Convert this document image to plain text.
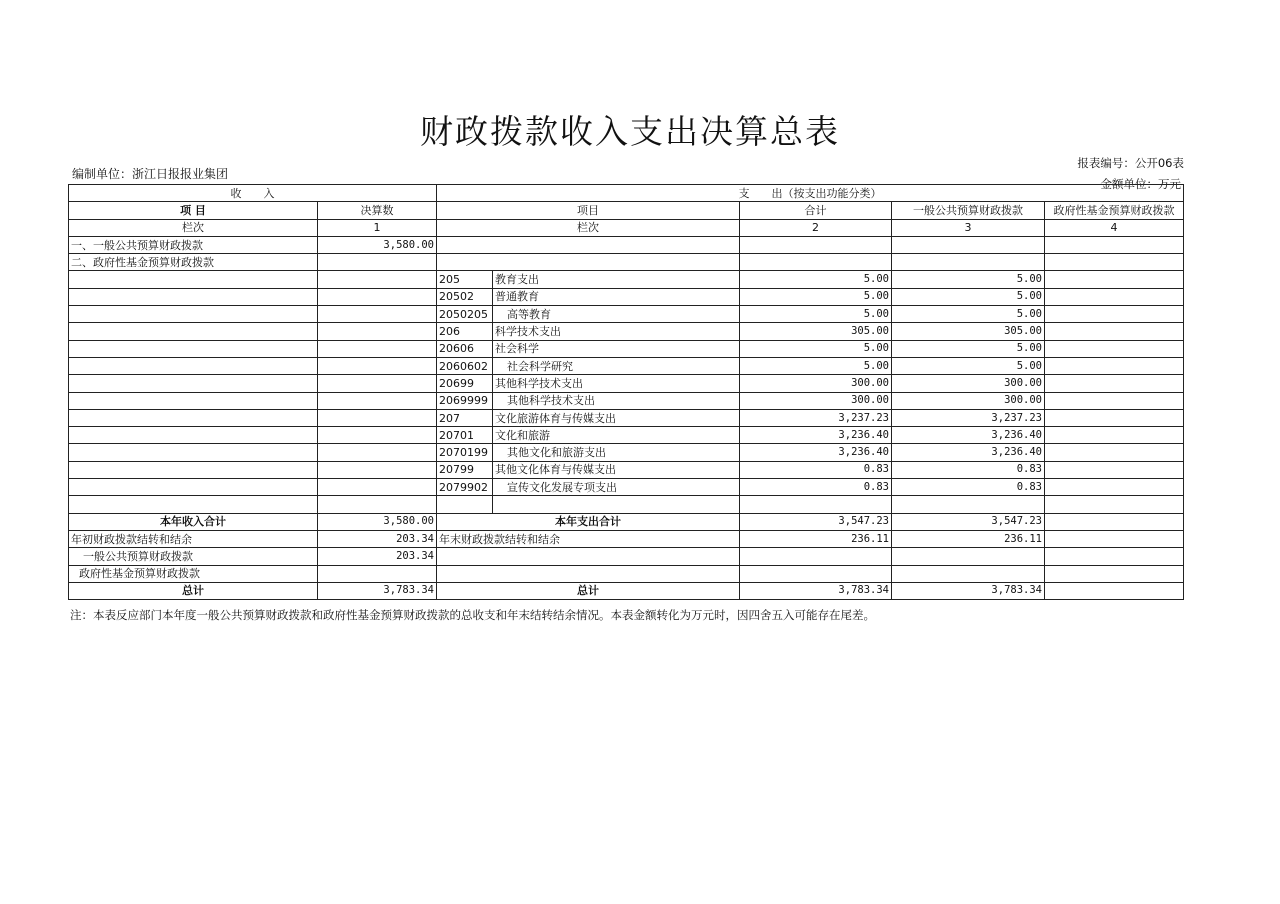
财政拨款收入支出决算总表
编制单位：浙江日报报业集团
报表编号：公开06表
金额单位：万元
收　　入		支　　出（按支出功能分类）				
项 目	决算数	项目		合计	一般公共预算财政拨款	政府性基金预算财政拨款
栏次	1	栏次		2	3	4
一、一般公共预算财政拨款	3,580.00					
二、政府性基金预算财政拨款						
		205	教育支出	5.00	5.00	
		20502	普通教育	5.00	5.00	
		2050205	高等教育	5.00	5.00	
		206	科学技术支出	305.00	305.00	
		20606	社会科学	5.00	5.00	
		2060602	社会科学研究	5.00	5.00	
		20699	其他科学技术支出	300.00	300.00	
		2069999	其他科学技术支出	300.00	300.00	
		207	文化旅游体育与传媒支出	3,237.23	3,237.23	
		20701	文化和旅游	3,236.40	3,236.40	
		2070199	其他文化和旅游支出	3,236.40	3,236.40	
		20799	其他文化体育与传媒支出	0.83	0.83	
		2079902	宣传文化发展专项支出	0.83	0.83	

本年收入合计	3,580.00	本年支出合计		3,547.23	3,547.23	
年初财政拨款结转和结余	203.34	年末财政拨款结转和结余		236.11	236.11	
一般公共预算财政拨款	203.34					
政府性基金预算财政拨款						
总计	3,783.34	总计		3,783.34	3,783.34	
注：本表反应部门本年度一般公共预算财政拨款和政府性基金预算财政拨款的总收支和年末结转结余情况。本表金额转化为万元时，因四舍五入可能存在尾差。
